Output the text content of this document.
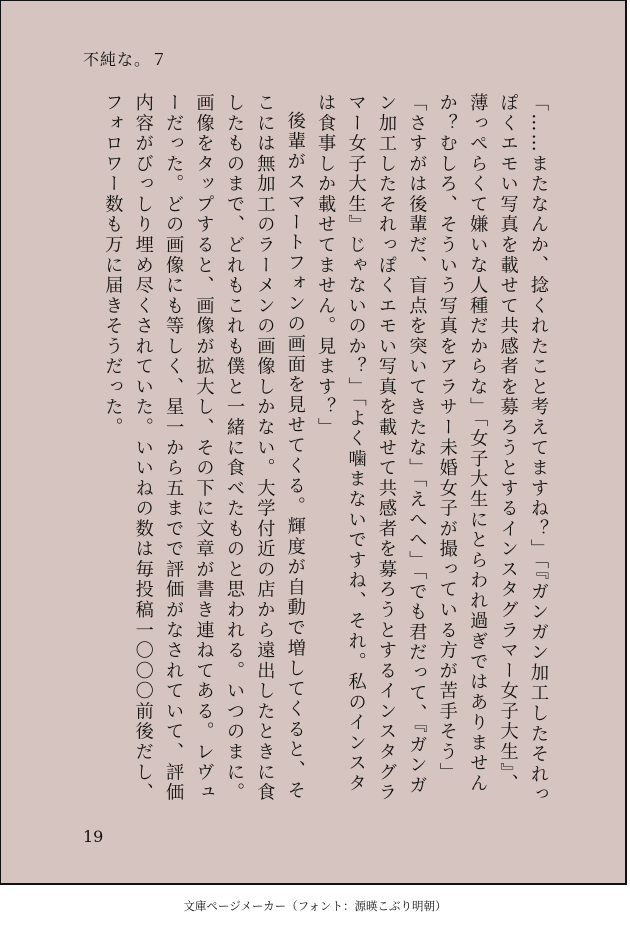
不純な。７

「……またなんか、捻くれたこと考えてますね？」「『ガンガン加工したそれっぽくエモい写真を載せて共感者を募ろうとするインスタグラマー女子大生』、薄っぺらくて嫌いな人種だからな」「女子大生にとらわれ過ぎではありませんか？むしろ、そういう写真をアラサー未婚女子が撮っている方が苦手そう」「さすがは後輩だ、盲点を突いてきたな」「えへへ」「でも君だって、『ガンガン加工したそれっぽくエモい写真を載せて共感者を募ろうとするインスタグラマー女子大生』じゃないのか？」「よく噛まないですね、それ。私のインスタは食事しか載せてません。見ます？」

後輩がスマートフォンの画面を見せてくる。輝度が自動で増してくると、そこには無加工のラーメンの画像しかない。大学付近の店から遠出したときに食したものまで、どれもこれも僕と一緒に食べたものと思われる。いつのまに。画像をタップすると、画像が拡大し、その下に文章が書き連ねてある。レヴューだった。どの画像にも等しく、星一から五までで評価がなされていて、評価内容がびっしり埋め尽くされていた。いいねの数は毎投稿一〇〇〇前後だし、フォロワー数も万に届きそうだった。

19
文庫ページメーカー（フォント：源暎こぶり明朝）
